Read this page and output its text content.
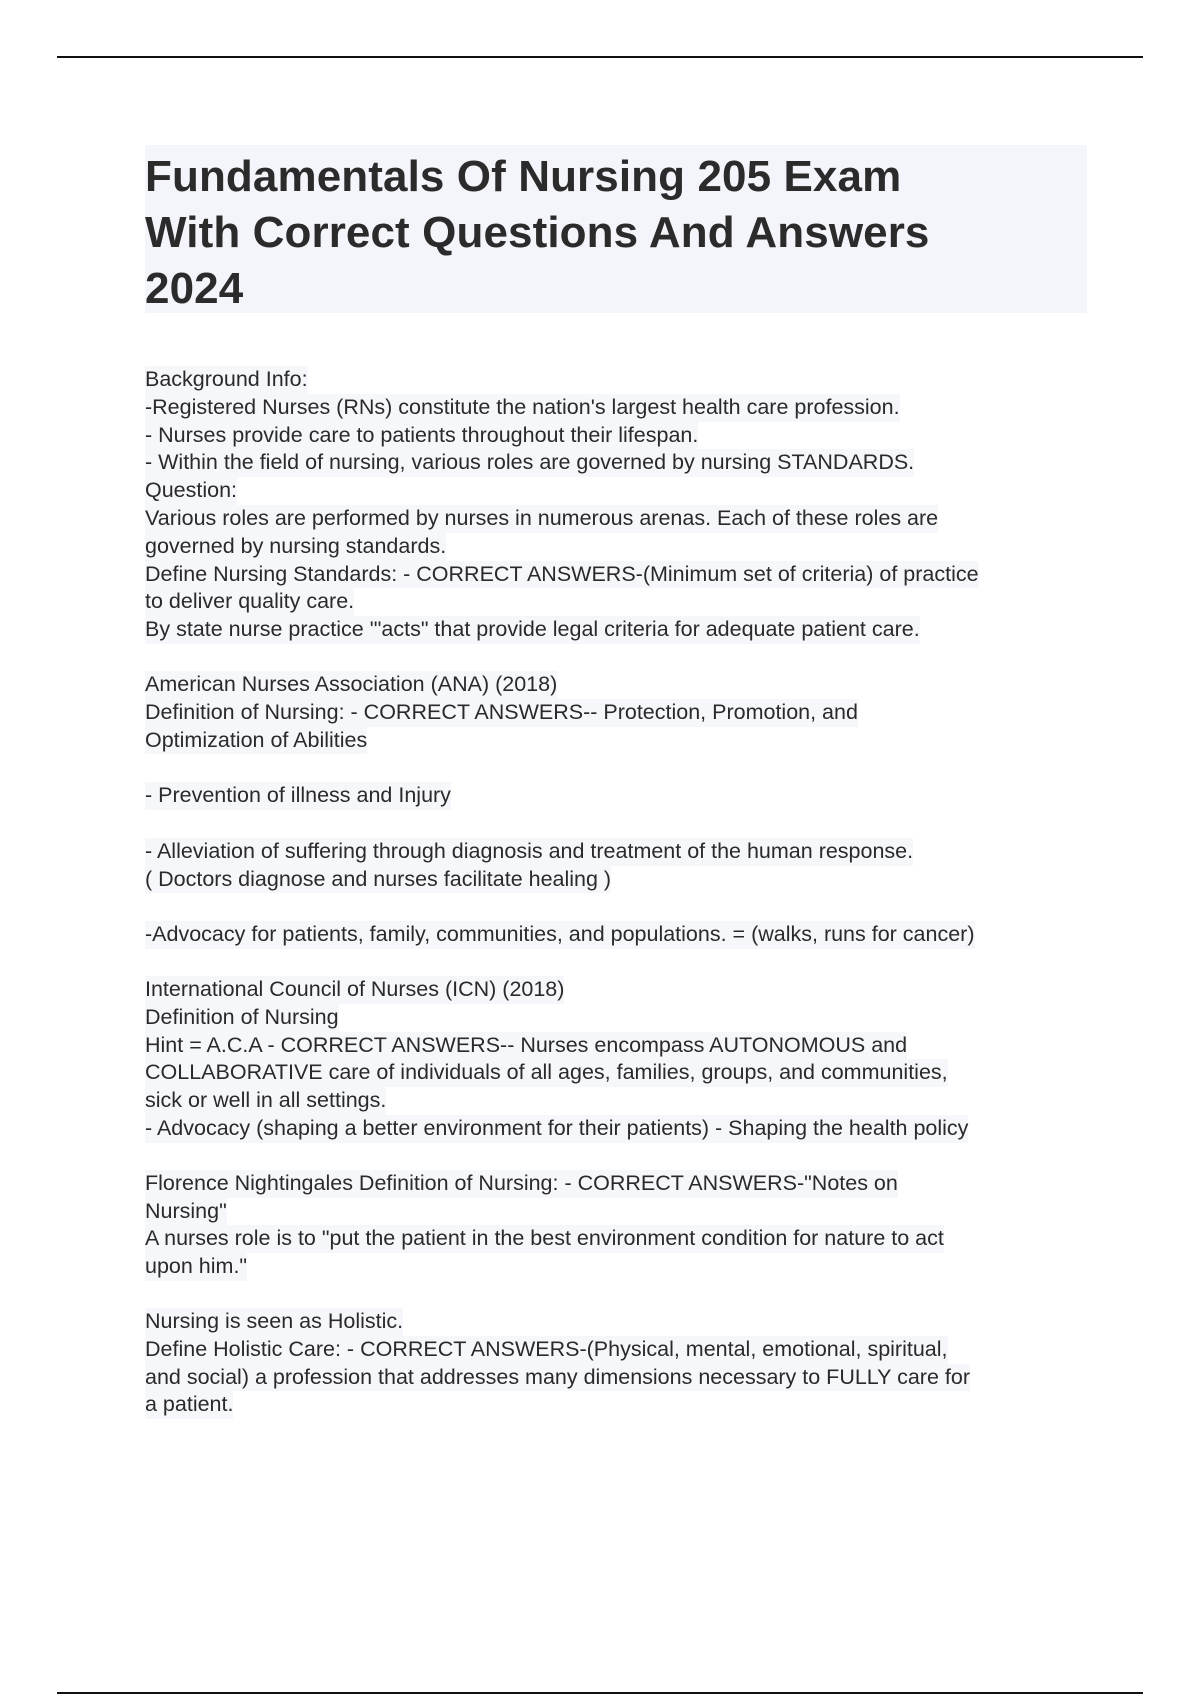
Fundamentals Of Nursing 205 Exam
With Correct Questions And Answers
2024
Background Info:
-Registered Nurses (RNs) constitute the nation's largest health care profession.
- Nurses provide care to patients throughout their lifespan.
- Within the field of nursing, various roles are governed by nursing STANDARDS.
Question:
Various roles are performed by nurses in numerous arenas. Each of these roles are
governed by nursing standards.
Define Nursing Standards: - CORRECT ANSWERS-(Minimum set of criteria) of practice
to deliver quality care.
By state nurse practice '"acts" that provide legal criteria for adequate patient care.
American Nurses Association (ANA) (2018)
Definition of Nursing: - CORRECT ANSWERS-- Protection, Promotion, and
Optimization of Abilities
- Prevention of illness and Injury
- Alleviation of suffering through diagnosis and treatment of the human response.
( Doctors diagnose and nurses facilitate healing )
-Advocacy for patients, family, communities, and populations. = (walks, runs for cancer)
International Council of Nurses (ICN) (2018)
Definition of Nursing
Hint = A.C.A - CORRECT ANSWERS-- Nurses encompass AUTONOMOUS and
COLLABORATIVE care of individuals of all ages, families, groups, and communities,
sick or well in all settings.
- Advocacy (shaping a better environment for their patients) - Shaping the health policy
Florence Nightingales Definition of Nursing: - CORRECT ANSWERS-"Notes on
Nursing"
A nurses role is to "put the patient in the best environment condition for nature to act
upon him."
Nursing is seen as Holistic.
Define Holistic Care: - CORRECT ANSWERS-(Physical, mental, emotional, spiritual,
and social) a profession that addresses many dimensions necessary to FULLY care for
a patient.
